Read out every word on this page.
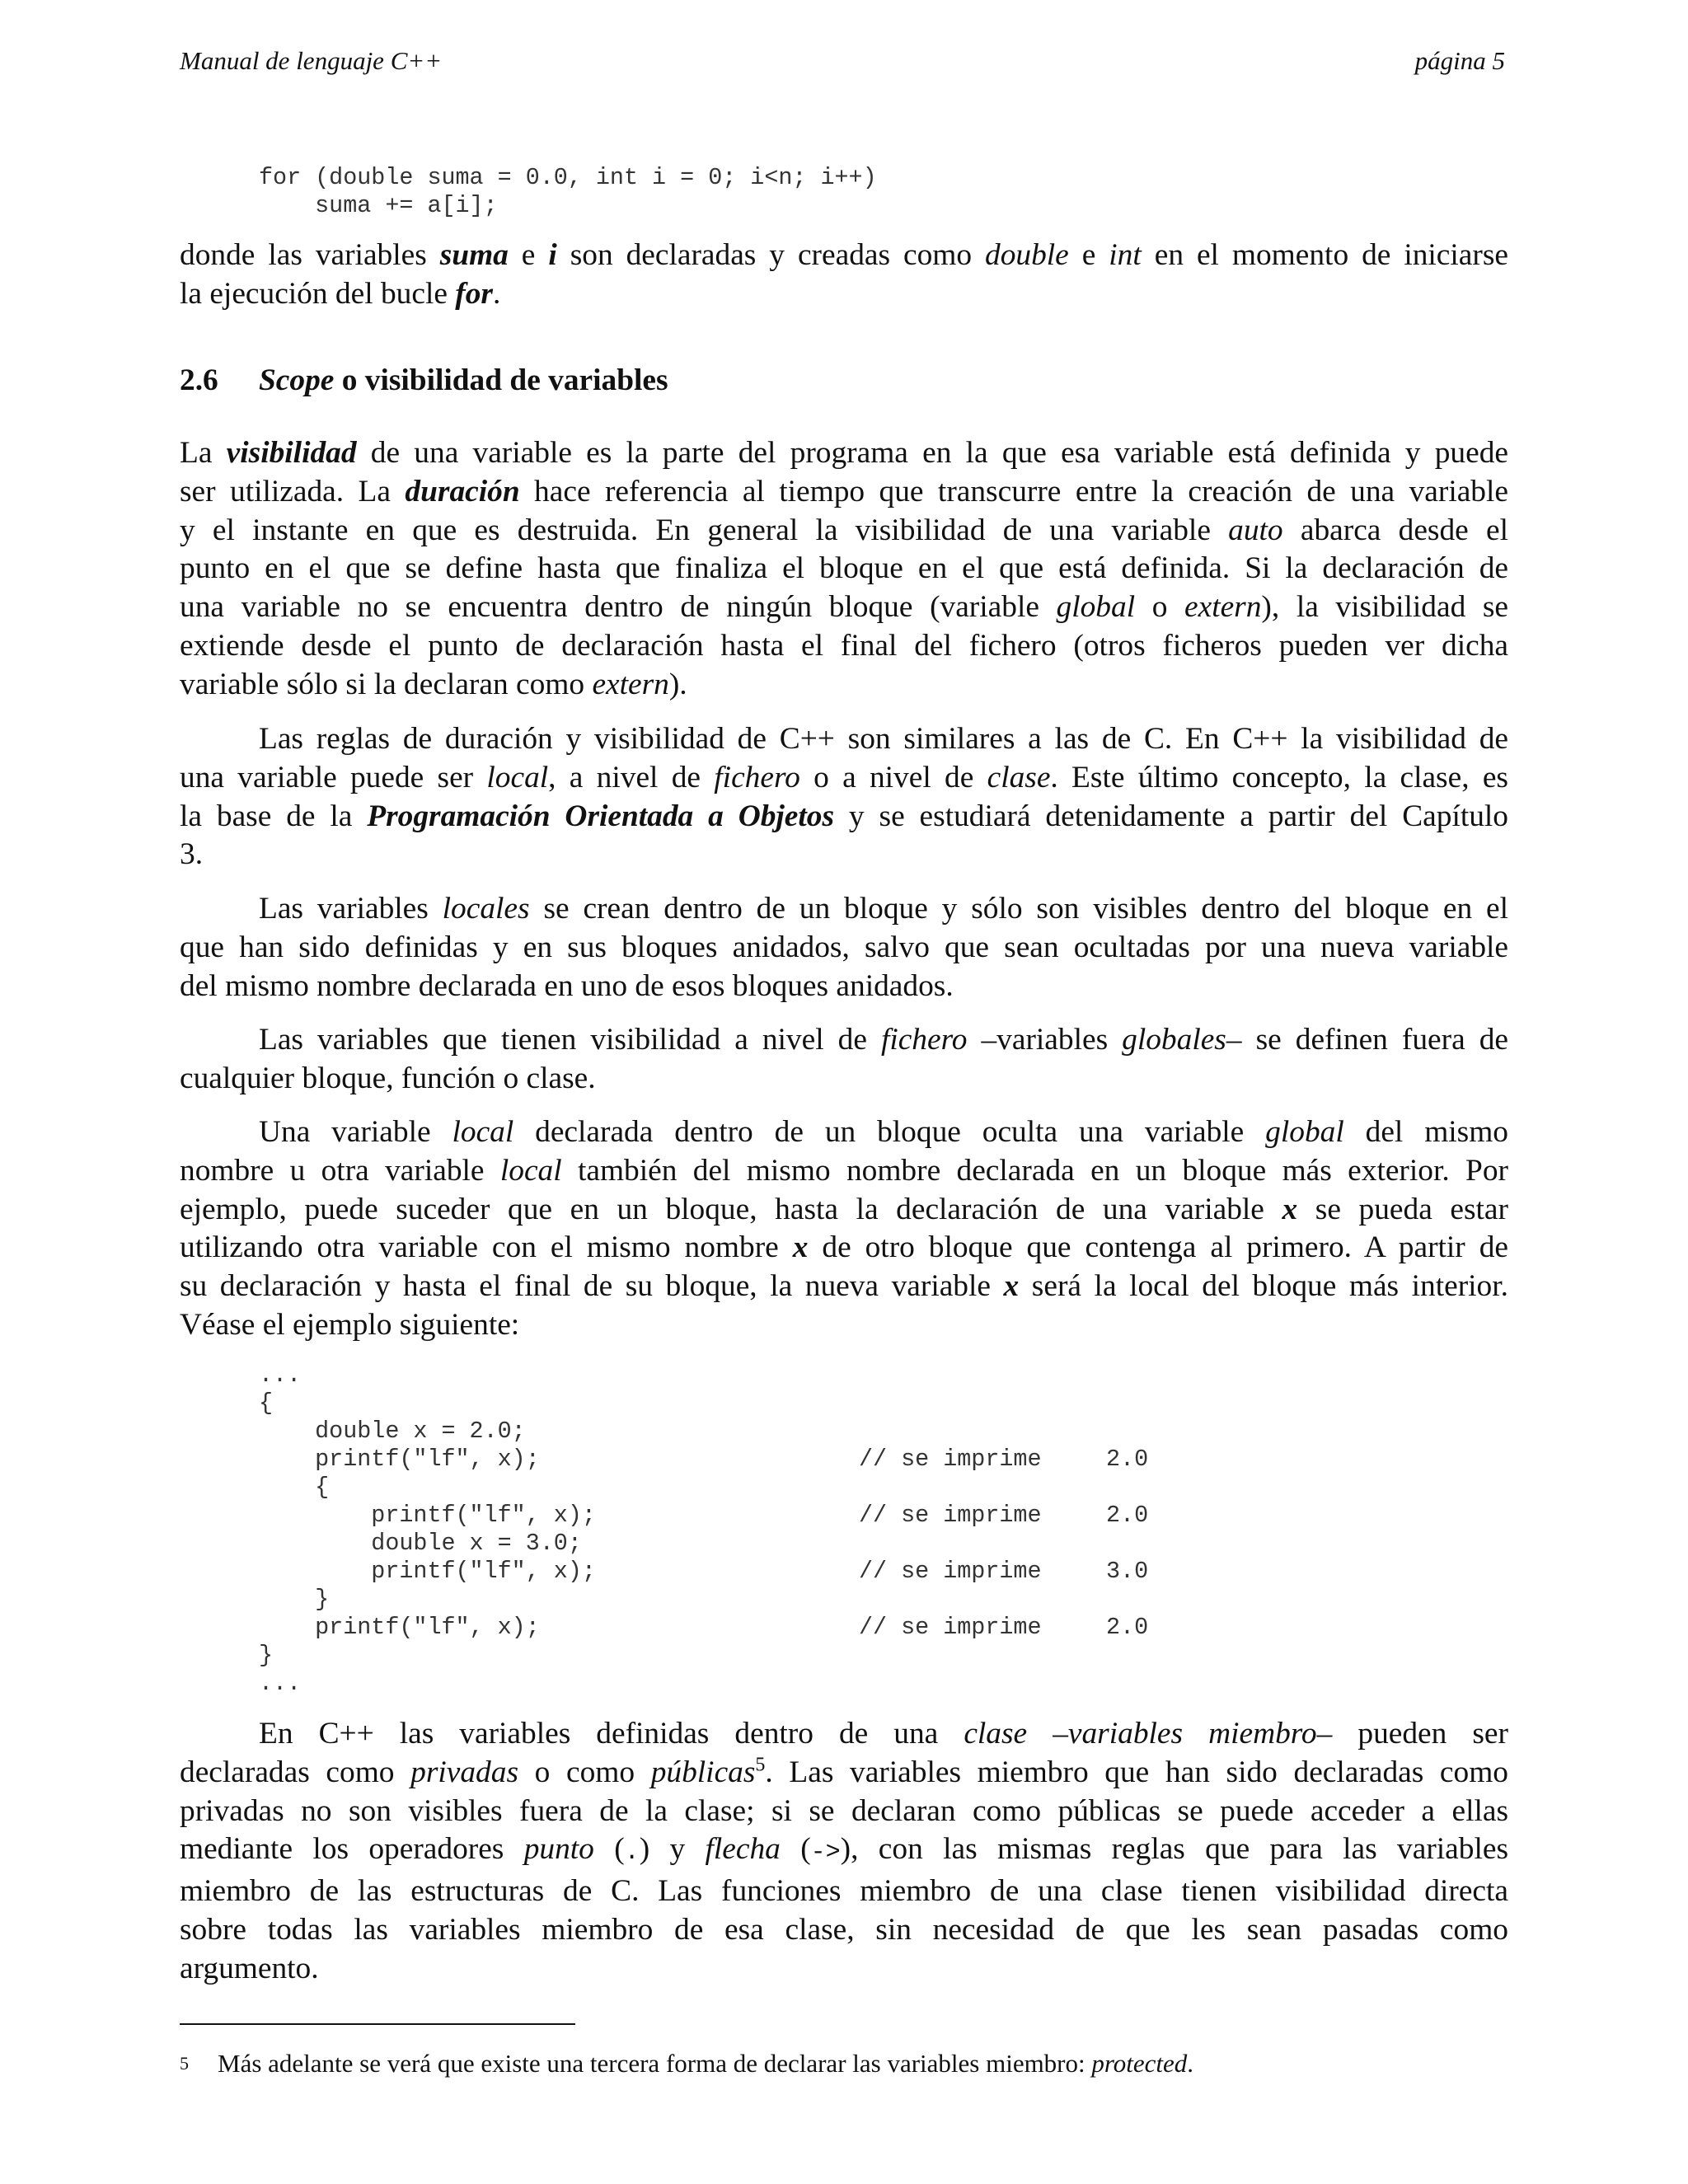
Manual de lenguaje C++	página 5
for (double suma = 0.0, int i = 0; i<n; i++)
suma += a[i];

donde las variables suma e i son declaradas y creadas como double e int en el momento de iniciarse
la ejecución del bucle for.

2.6 Scope o visibilidad de variables

La visibilidad de una variable es la parte del programa en la que esa variable está definida y puede
ser utilizada. La duración hace referencia al tiempo que transcurre entre la creación de una variable
y el instante en que es destruida. En general la visibilidad de una variable auto abarca desde el
punto en el que se define hasta que finaliza el bloque en el que está definida. Si la declaración de
una variable no se encuentra dentro de ningún bloque (variable global o extern), la visibilidad se
extiende desde el punto de declaración hasta el final del fichero (otros ficheros pueden ver dicha
variable sólo si la declaran como extern).

Las reglas de duración y visibilidad de C++ son similares a las de C. En C++ la visibilidad de
una variable puede ser local, a nivel de fichero o a nivel de clase. Este último concepto, la clase, es
la base de la Programación Orientada a Objetos y se estudiará detenidamente a partir del Capítulo
3.

Las variables locales se crean dentro de un bloque y sólo son visibles dentro del bloque en el
que han sido definidas y en sus bloques anidados, salvo que sean ocultadas por una nueva variable
del mismo nombre declarada en uno de esos bloques anidados.

Las variables que tienen visibilidad a nivel de fichero –variables globales– se definen fuera de
cualquier bloque, función o clase.

Una variable local declarada dentro de un bloque oculta una variable global del mismo
nombre u otra variable local también del mismo nombre declarada en un bloque más exterior. Por
ejemplo, puede suceder que en un bloque, hasta la declaración de una variable x se pueda estar
utilizando otra variable con el mismo nombre x de otro bloque que contenga al primero. A partir de
su declaración y hasta el final de su bloque, la nueva variable x será la local del bloque más interior.
Véase el ejemplo siguiente:

...
{
double x = 2.0;
printf("lf", x);	// se imprime	2.0
{
printf("lf", x);	// se imprime	2.0
double x = 3.0;
printf("lf", x);	// se imprime	3.0
}
printf("lf", x);	// se imprime	2.0
}
...

En C++ las variables definidas dentro de una clase –variables miembro– pueden ser
declaradas como privadas o como públicas$^5$. Las variables miembro que han sido declaradas como
privadas no son visibles fuera de la clase; si se declaran como públicas se puede acceder a ellas
mediante los operadores punto (.) y flecha (->), con las mismas reglas que para las variables
miembro de las estructuras de C. Las funciones miembro de una clase tienen visibilidad directa
sobre todas las variables miembro de esa clase, sin necesidad de que les sean pasadas como
argumento.

5 Más adelante se verá que existe una tercera forma de declarar las variables miembro: protected.
